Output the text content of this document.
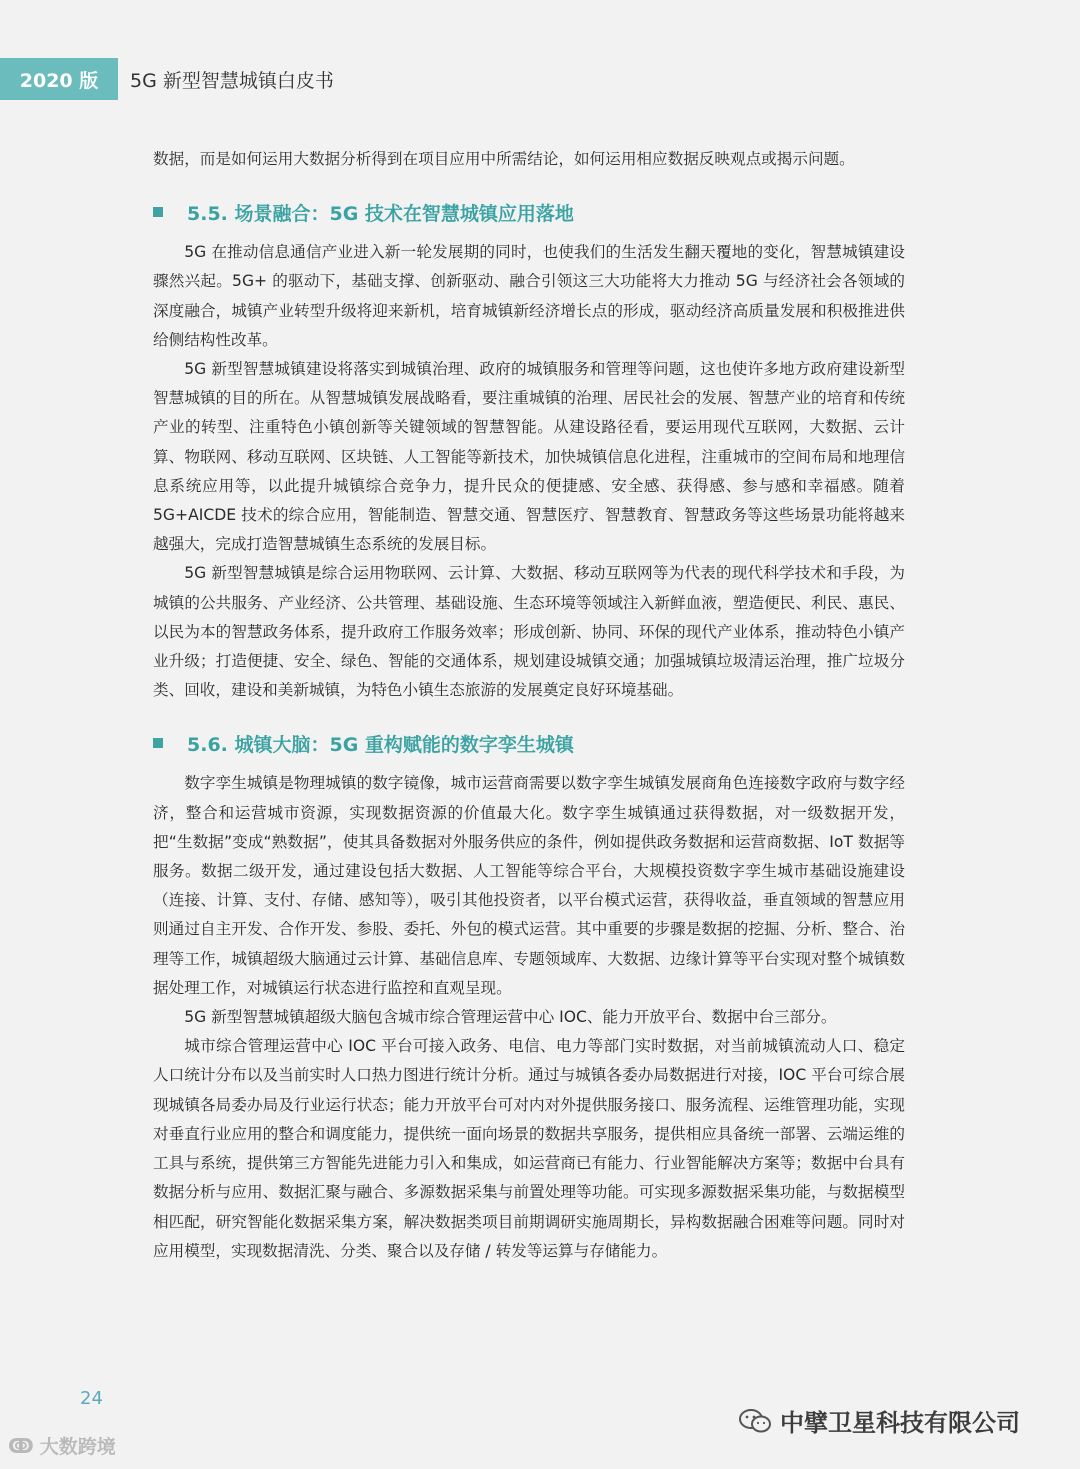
2020 版 5G 新型智慧城镇白皮书

数据，而是如何运用大数据分析得到在项目应用中所需结论，如何运用相应数据反映观点或揭示问题。

5.5. 场景融合：5G 技术在智慧城镇应用落地

5G 在推动信息通信产业进入新一轮发展期的同时，也使我们的生活发生翻天覆地的变化，智慧城镇建设骤然兴起。5G+ 的驱动下，基础支撑、创新驱动、融合引领这三大功能将大力推动 5G 与经济社会各领域的深度融合，城镇产业转型升级将迎来新机，培育城镇新经济增长点的形成，驱动经济高质量发展和积极推进供给侧结构性改革。

5G 新型智慧城镇建设将落实到城镇治理、政府的城镇服务和管理等问题，这也使许多地方政府建设新型智慧城镇的目的所在。从智慧城镇发展战略看，要注重城镇的治理、居民社会的发展、智慧产业的培育和传统产业的转型、注重特色小镇创新等关键领域的智慧智能。从建设路径看，要运用现代互联网，大数据、云计算、物联网、移动互联网、区块链、人工智能等新技术，加快城镇信息化进程，注重城市的空间布局和地理信息系统应用等，以此提升城镇综合竞争力，提升民众的便捷感、安全感、获得感、参与感和幸福感。随着 5G+AICDE 技术的综合应用，智能制造、智慧交通、智慧医疗、智慧教育、智慧政务等这些场景功能将越来越强大，完成打造智慧城镇生态系统的发展目标。

5G 新型智慧城镇是综合运用物联网、云计算、大数据、移动互联网等为代表的现代科学技术和手段，为城镇的公共服务、产业经济、公共管理、基础设施、生态环境等领域注入新鲜血液，塑造便民、利民、惠民、以民为本的智慧政务体系，提升政府工作服务效率；形成创新、协同、环保的现代产业体系，推动特色小镇产业升级；打造便捷、安全、绿色、智能的交通体系，规划建设城镇交通；加强城镇垃圾清运治理，推广垃圾分类、回收，建设和美新城镇，为特色小镇生态旅游的发展奠定良好环境基础。

5.6. 城镇大脑：5G 重构赋能的数字孪生城镇

数字孪生城镇是物理城镇的数字镜像，城市运营商需要以数字孪生城镇发展商角色连接数字政府与数字经济，整合和运营城市资源，实现数据资源的价值最大化。数字孪生城镇通过获得数据，对一级数据开发，把“生数据”变成“熟数据”，使其具备数据对外服务供应的条件，例如提供政务数据和运营商数据、IoT 数据等服务。数据二级开发，通过建设包括大数据、人工智能等综合平台，大规模投资数字孪生城市基础设施建设（连接、计算、支付、存储、感知等），吸引其他投资者，以平台模式运营，获得收益，垂直领域的智慧应用则通过自主开发、合作开发、参股、委托、外包的模式运营。其中重要的步骤是数据的挖掘、分析、整合、治理等工作，城镇超级大脑通过云计算、基础信息库、专题领域库、大数据、边缘计算等平台实现对整个城镇数据处理工作，对城镇运行状态进行监控和直观呈现。

5G 新型智慧城镇超级大脑包含城市综合管理运营中心 IOC、能力开放平台、数据中台三部分。

城市综合管理运营中心 IOC 平台可接入政务、电信、电力等部门实时数据，对当前城镇流动人口、稳定人口统计分布以及当前实时人口热力图进行统计分析。通过与城镇各委办局数据进行对接，IOC 平台可综合展现城镇各局委办局及行业运行状态；能力开放平台可对内对外提供服务接口、服务流程、运维管理功能，实现对垂直行业应用的整合和调度能力，提供统一面向场景的数据共享服务，提供相应具备统一部署、云端运维的工具与系统，提供第三方智能先进能力引入和集成，如运营商已有能力、行业智能解决方案等；数据中台具有数据分析与应用、数据汇聚与融合、多源数据采集与前置处理等功能。可实现多源数据采集功能，与数据模型相匹配，研究智能化数据采集方案，解决数据类项目前期调研实施周期长，异构数据融合困难等问题。同时对应用模型，实现数据清洗、分类、聚合以及存储 / 转发等运算与存储能力。

24
ↂ 大数跨境
中擘卫星科技有限公司
